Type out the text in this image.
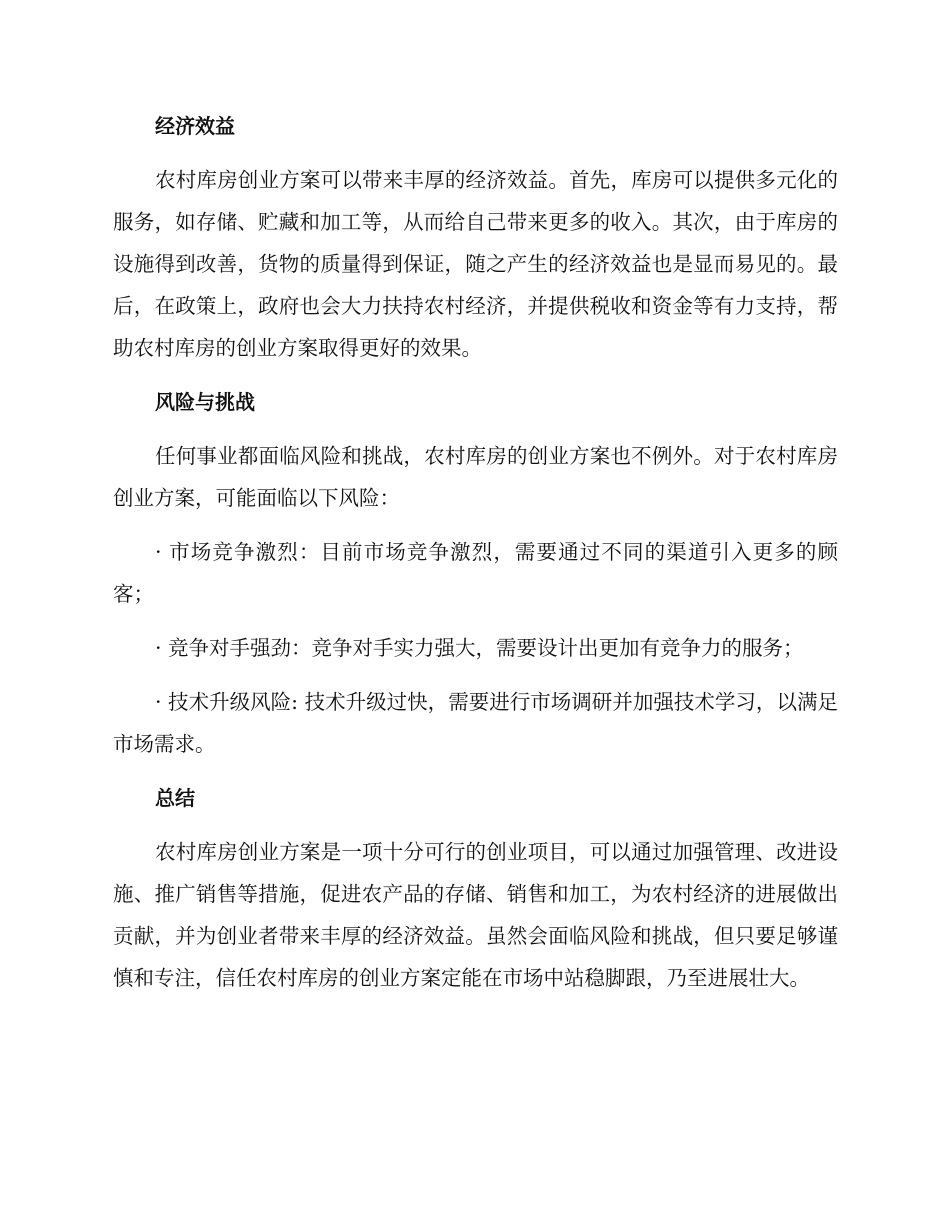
经济效益

农村库房创业方案可以带来丰厚的经济效益。首先，库房可以提供多元化的服务，如存储、贮藏和加工等，从而给自己带来更多的收入。其次，由于库房的设施得到改善，货物的质量得到保证，随之产生的经济效益也是显而易见的。最后，在政策上，政府也会大力扶持农村经济，并提供税收和资金等有力支持，帮助农村库房的创业方案取得更好的效果。

风险与挑战

任何事业都面临风险和挑战，农村库房的创业方案也不例外。对于农村库房创业方案，可能面临以下风险：

· 市场竞争激烈：目前市场竞争激烈，需要通过不同的渠道引入更多的顾客；

· 竞争对手强劲：竞争对手实力强大，需要设计出更加有竞争力的服务；

· 技术升级风险: 技术升级过快，需要进行市场调研并加强技术学习，以满足市场需求。

总结

农村库房创业方案是一项十分可行的创业项目，可以通过加强管理、改进设施、推广销售等措施，促进农产品的存储、销售和加工，为农村经济的进展做出贡献，并为创业者带来丰厚的经济效益。虽然会面临风险和挑战，但只要足够谨慎和专注，信任农村库房的创业方案定能在市场中站稳脚跟，乃至进展壮大。
